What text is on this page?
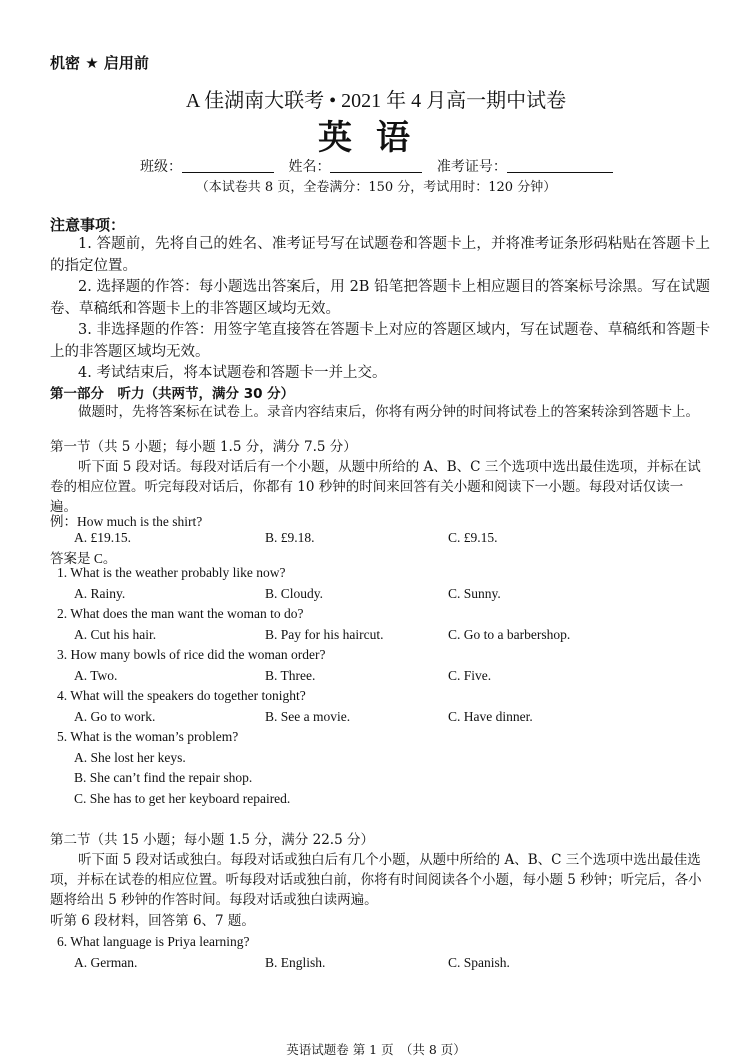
机密 ★ 启用前
A 佳湖南大联考 • 2021 年 4 月高一期中试卷
英语
班级：	姓名：	准考证号：
（本试卷共 8 页，全卷满分：150 分，考试用时：120 分钟）
注意事项：

1. 答题前，先将自己的姓名、准考证号写在试题卷和答题卡上，并将准考证条形码粘贴在答题卡上的指定位置。

2. 选择题的作答：每小题选出答案后，用 2B 铅笔把答题卡上相应题目的答案标号涂黑。写在试题卷、草稿纸和答题卡上的非答题区域均无效。

3. 非选择题的作答：用签字笔直接答在答题卡上对应的答题区域内，写在试题卷、草稿纸和答题卡上的非答题区域均无效。

4. 考试结束后，将本试题卷和答题卡一并上交。

第一部分　听力（共两节，满分 30 分）
做题时，先将答案标在试卷上。录音内容结束后，你将有两分钟的时间将试卷上的答案转涂到答题卡上。
第一节（共 5 小题；每小题 1.5 分，满分 7.5 分）
听下面 5 段对话。每段对话后有一个小题，从题中所给的 A、B、C 三个选项中选出最佳选项，并标在试卷的相应位置。听完每段对话后，你都有 10 秒钟的时间来回答有关小题和阅读下一小题。每段对话仅读一遍。
例：How much is the shirt?
A. £19.15.	B. £9.18.	C. £9.15.
答案是 C。
1. What is the weather probably like now?
A. Rainy.	B. Cloudy.	C. Sunny.
2. What does the man want the woman to do?
A. Cut his hair.	B. Pay for his haircut.	C. Go to a barbershop.
3. How many bowls of rice did the woman order?
A. Two.	B. Three.	C. Five.
4. What will the speakers do together tonight?
A. Go to work.	B. See a movie.	C. Have dinner.
5. What is the woman’s problem?
A. She lost her keys.
B. She can’t find the repair shop.
C. She has to get her keyboard repaired.
第二节（共 15 小题；每小题 1.5 分，满分 22.5 分）
听下面 5 段对话或独白。每段对话或独白后有几个小题，从题中所给的 A、B、C 三个选项中选出最佳选项，并标在试卷的相应位置。听每段对话或独白前，你将有时间阅读各个小题，每小题 5 秒钟；听完后，各小题将给出 5 秒钟的作答时间。每段对话或独白读两遍。
听第 6 段材料，回答第 6、7 题。
6. What language is Priya learning?
A. German.	B. English.	C. Spanish.
英语试题卷 第 1 页　（共 8 页）
